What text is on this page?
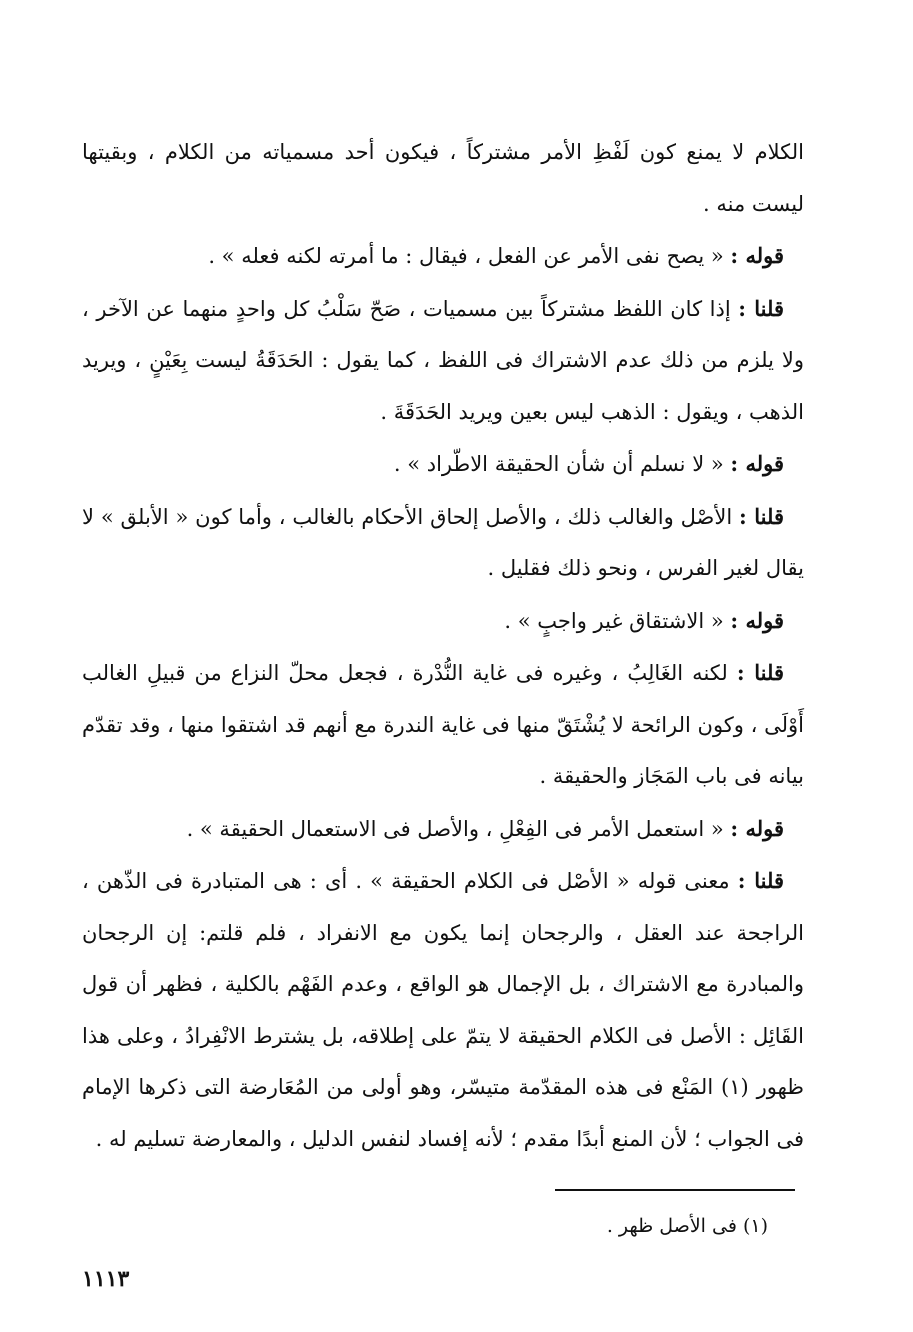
الكلام لا يمنع كون لَفْظِ الأمر مشتركاً ، فيكون أحد مسمياته من الكلام ، وبقيتها ليست منه .

قوله : « يصح نفى الأمر عن الفعل ، فيقال : ما أمرته لكنه فعله » .

قلنا : إذا كان اللفظ مشتركاً بين مسميات ، صَحّ سَلْبُ كل واحدٍ منهما عن الآخر ، ولا يلزم من ذلك عدم الاشتراك فى اللفظ ، كما يقول : الحَدَقَةُ ليست بِعَيْنٍ ، ويريد الذهب ، ويقول : الذهب ليس بعين ويريد الحَدَقَةَ .

قوله : « لا نسلم أن شأن الحقيقة الاطّراد » .

قلنا : الأصْل والغالب ذلك ، والأصل إلحاق الأحكام بالغالب ، وأما كون « الأبلق » لا يقال لغير الفرس ، ونحو ذلك فقليل .

قوله : « الاشتقاق غير واجبٍ » .

قلنا : لكنه الغَالِبُ ، وغيره فى غاية النُّدْرة ، فجعل محلّ النزاع من قبيلِ الغالب أَوْلَى ، وكون الرائحة لا يُشْتَقّ منها فى غاية الندرة مع أنهم قد اشتقوا منها ، وقد تقدّم بيانه فى باب المَجَاز والحقيقة .

قوله : « استعمل الأمر فى الفِعْلِ ، والأصل فى الاستعمال الحقيقة » .

قلنا : معنى قوله « الأصْل فى الكلام الحقيقة » . أى : هى المتبادرة فى الذّهن ، الراجحة عند العقل ، والرجحان إنما يكون مع الانفراد ، فلم قلتم: إن الرجحان والمبادرة مع الاشتراك ، بل الإجمال هو الواقع ، وعدم الفَهْم بالكلية ، فظهر أن قول القَائِل : الأصل فى الكلام الحقيقة لا يتمّ على إطلاقه، بل يشترط الانْفِرادُ ، وعلى هذا ظهور (١) المَنْع فى هذه المقدّمة متيسّر، وهو أولى من المُعَارضة التى ذكرها الإمام فى الجواب ؛ لأن المنع أبدًا مقدم ؛ لأنه إفساد لنفس الدليل ، والمعارضة تسليم له .

(١) فى الأصل ظهر .
١١١٣
